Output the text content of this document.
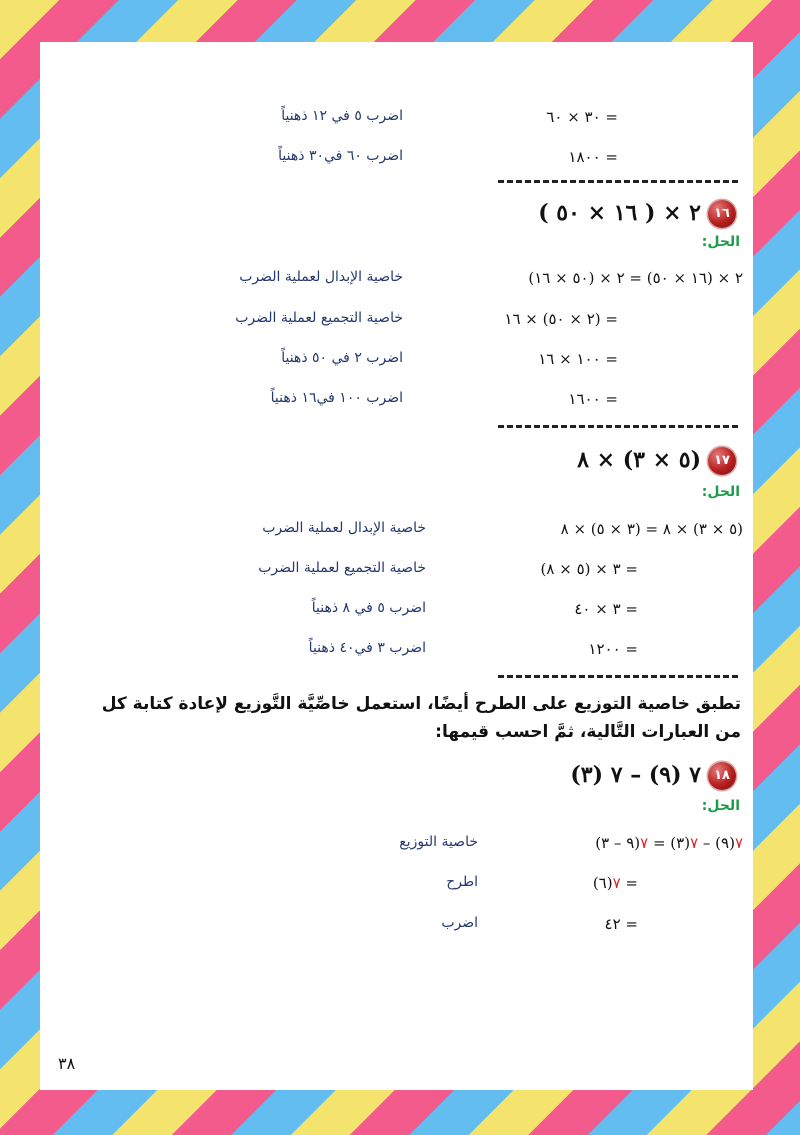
= ٣٠ × ٦٠
اضرب ٥ في ١٢ ذهنياً
= ١٨٠٠
اضرب ٦٠ في٣٠ ذهنياً
١٦
٢ × ( ١٦ × ٥٠ )
الحل:
٢ × (١٦ × ٥٠) = ٢ × (٥٠ × ١٦)
خاصية الإبدال لعملية الضرب
= (٢ × ٥٠) × ١٦
خاصية التجميع لعملية الضرب
= ١٠٠ × ١٦
اضرب ٢ في ٥٠ ذهنياً
= ١٦٠٠
اضرب ١٠٠ في١٦ ذهنياً
١٧
(٥ × ٣) × ٨
الحل:
(٥ × ٣) × ٨ = (٣ × ٥) × ٨
خاصية الإبدال لعملية الضرب
= ٣ × (٥ × ٨)
خاصية التجميع لعملية الضرب
= ٣ × ٤٠
اضرب ٥ في ٨ ذهنياً
= ١٢٠٠
اضرب ٣ في٤٠ ذهنياً
تطبق خاصية التوزيع على الطرح أيضًا، استعمل خاصِّيَّة التَّوزيع لإعادة كتابة كل من العبارات التَّالية، ثمَّ احسب قيمها:
١٨
٧ (٩) – ٧ (٣)
الحل:
٧(٩) – ٧(٣) = ٧(٩ – ٣)
خاصية التوزيع
= ٧(٦)
اطرح
= ٤٢
اضرب
٣٨
